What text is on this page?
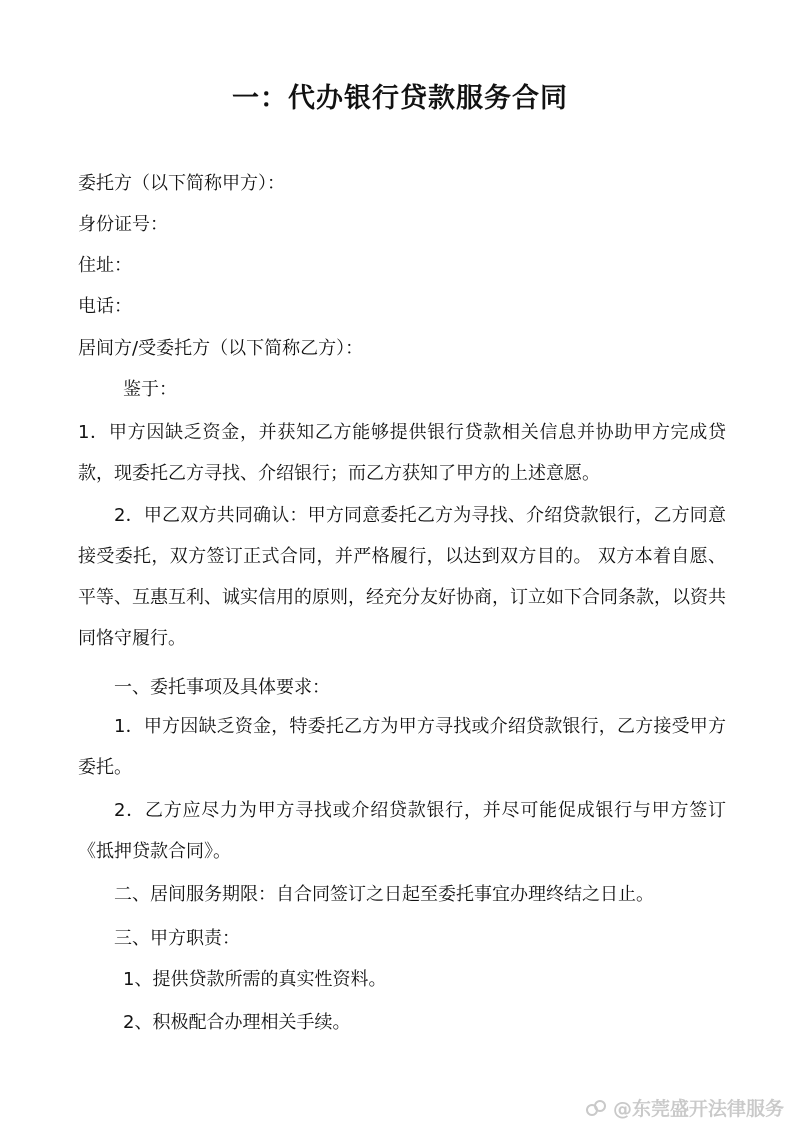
一：代办银行贷款服务合同

委托方（以下简称甲方）：

身份证号：

住址：

电话：

居间方/受委托方（以下简称乙方）：

鉴于：

1．甲方因缺乏资金，并获知乙方能够提供银行贷款相关信息并协助甲方完成贷款，现委托乙方寻找、介绍银行；而乙方获知了甲方的上述意愿。

2．甲乙双方共同确认：甲方同意委托乙方为寻找、介绍贷款银行，乙方同意接受委托，双方签订正式合同，并严格履行，以达到双方目的。 双方本着自愿、平等、互惠互利、诚实信用的原则，经充分友好协商，订立如下合同条款，以资共同恪守履行。

一、委托事项及具体要求：

1．甲方因缺乏资金，特委托乙方为甲方寻找或介绍贷款银行，乙方接受甲方委托。

2．乙方应尽力为甲方寻找或介绍贷款银行，并尽可能促成银行与甲方签订《抵押贷款合同》。

二、居间服务期限：自合同签订之日起至委托事宜办理终结之日止。

三、甲方职责：

1、提供贷款所需的真实性资料。

2、积极配合办理相关手续。

@东莞盛开法律服务
